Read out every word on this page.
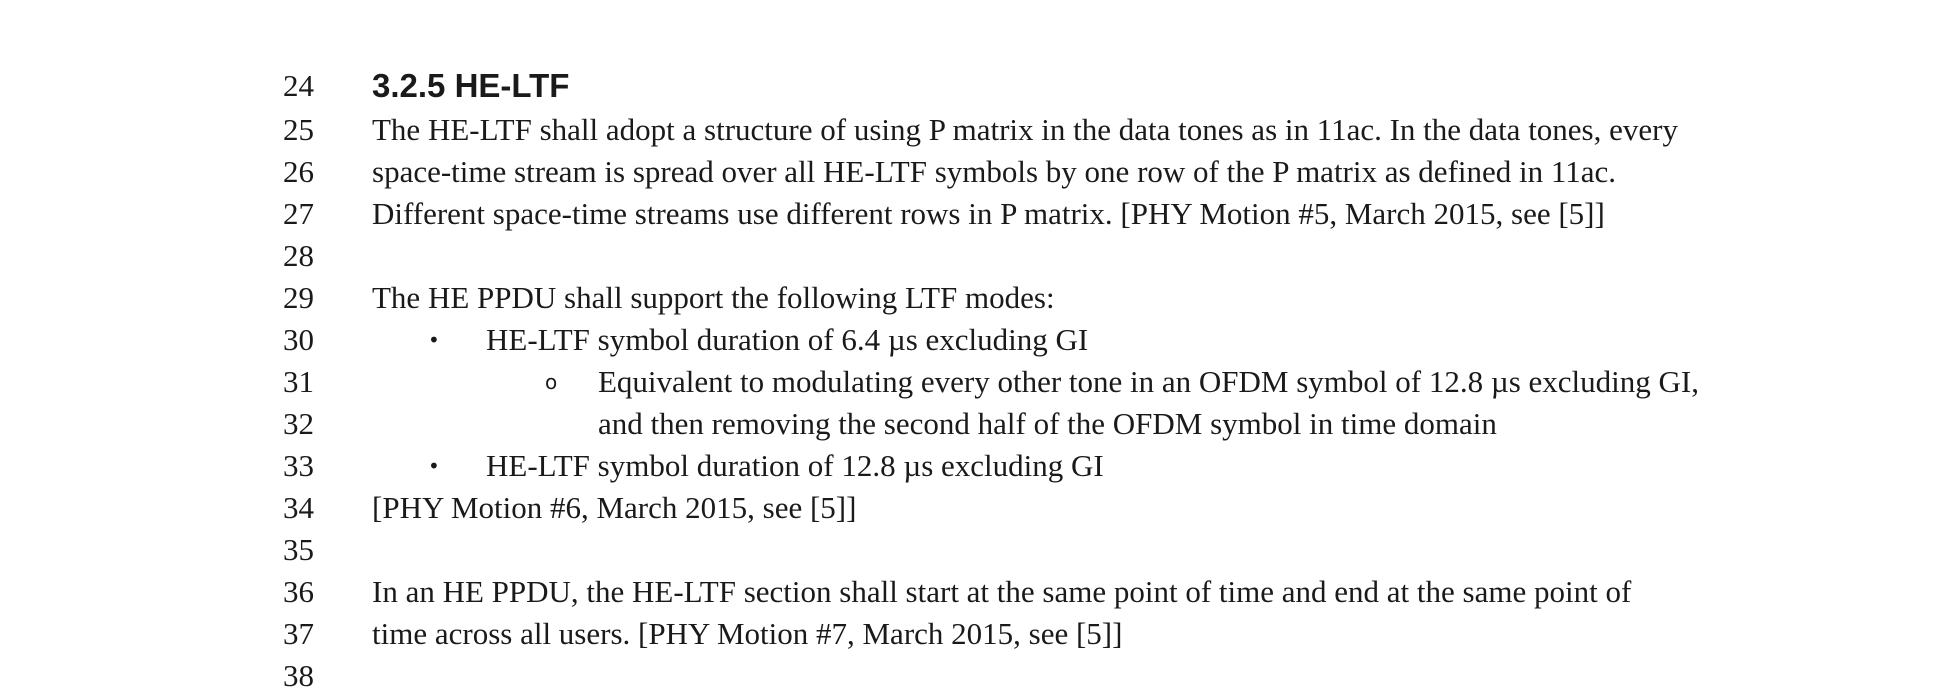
24 3.2.5 HE-LTF
25 The HE-LTF shall adopt a structure of using P matrix in the data tones as in 11ac. In the data tones, every
26 space-time stream is spread over all HE-LTF symbols by one row of the P matrix as defined in 11ac.
27 Different space-time streams use different rows in P matrix. [PHY Motion #5, March 2015, see [5]]
28
29 The HE PPDU shall support the following LTF modes:
30	• HE-LTF symbol duration of 6.4 µs excluding GI
31	o Equivalent to modulating every other tone in an OFDM symbol of 12.8 µs excluding GI,
32	and then removing the second half of the OFDM symbol in time domain
33	• HE-LTF symbol duration of 12.8 µs excluding GI
34 [PHY Motion #6, March 2015, see [5]]
35
36 In an HE PPDU, the HE-LTF section shall start at the same point of time and end at the same point of
37 time across all users. [PHY Motion #7, March 2015, see [5]]
38
